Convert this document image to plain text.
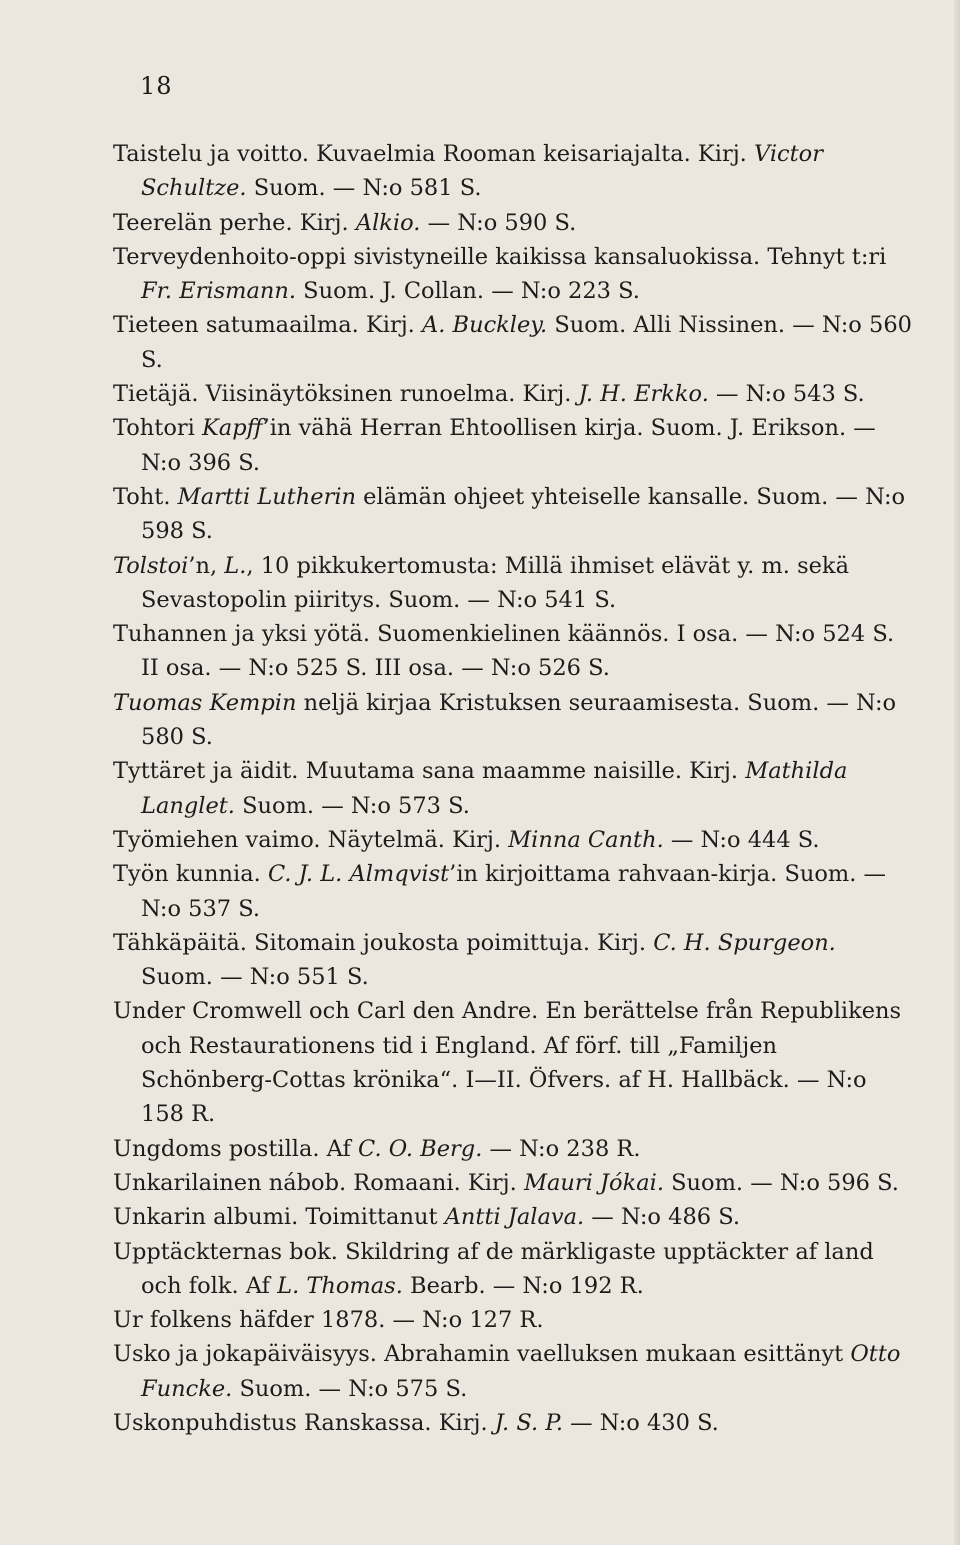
18
Taistelu ja voitto. Kuvaelmia Rooman keisariajalta. Kirj. Victor Schultze. Suom. — N:o 581 S.
Teerelän perhe. Kirj. Alkio. — N:o 590 S.
Terveydenhoito-oppi sivistyneille kaikissa kansaluokissa. Tehnyt t:ri Fr. Erismann. Suom. J. Collan. — N:o 223 S.
Tieteen satumaailma. Kirj. A. Buckley. Suom. Alli Nissinen. — N:o 560 S.
Tietäjä. Viisinäytöksinen runoelma. Kirj. J. H. Erkko. — N:o 543 S.
Tohtori Kapff’in vähä Herran Ehtoollisen kirja. Suom. J. Erikson. — N:o 396 S.
Toht. Martti Lutherin elämän ohjeet yhteiselle kansalle. Suom. — N:o 598 S.
Tolstoi’n, L., 10 pikkukertomusta: Millä ihmiset elävät y. m. sekä Sevastopolin piiritys. Suom. — N:o 541 S.
Tuhannen ja yksi yötä. Suomenkielinen käännös. I osa. — N:o 524 S. II osa. — N:o 525 S. III osa. — N:o 526 S.
Tuomas Kempin neljä kirjaa Kristuksen seuraamisesta. Suom. — N:o 580 S.
Tyttäret ja äidit. Muutama sana maamme naisille. Kirj. Mathilda Langlet. Suom. — N:o 573 S.
Työmiehen vaimo. Näytelmä. Kirj. Minna Canth. — N:o 444 S.
Työn kunnia. C. J. L. Almqvist’in kirjoittama rahvaan-kirja. Suom. — N:o 537 S.
Tähkäpäitä. Sitomain joukosta poimittuja. Kirj. C. H. Spurgeon. Suom. — N:o 551 S.
Under Cromwell och Carl den Andre. En berättelse från Republikens och Restaurationens tid i England. Af förf. till „Familjen Schönberg-Cottas krönika“. I—II. Öfvers. af H. Hallbäck. — N:o 158 R.
Ungdoms postilla. Af C. O. Berg. — N:o 238 R.
Unkarilainen nábob. Romaani. Kirj. Mauri Jókai. Suom. — N:o 596 S.
Unkarin albumi. Toimittanut Antti Jalava. — N:o 486 S.
Upptäckternas bok. Skildring af de märkligaste upptäckter af land och folk. Af L. Thomas. Bearb. — N:o 192 R.
Ur folkens häfder 1878. — N:o 127 R.
Usko ja jokapäiväisyys. Abrahamin vaelluksen mukaan esittänyt Otto Funcke. Suom. — N:o 575 S.
Uskonpuhdistus Ranskassa. Kirj. J. S. P. — N:o 430 S.
